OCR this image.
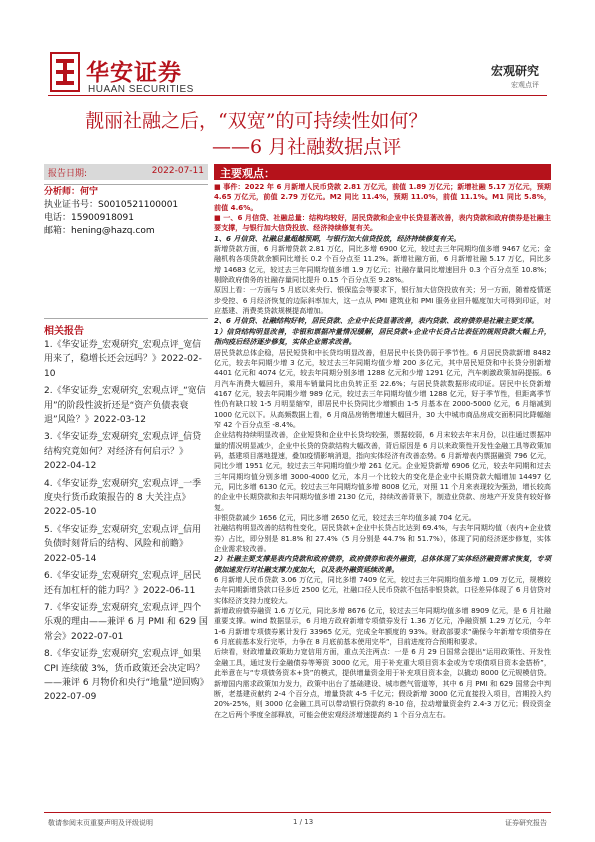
华安证券
HUAAN SECURITIES
宏观研究
宏观点评
靓丽社融之后，“双宽”的可持续性如何？
——6 月社融数据点评
报告日期:	2022-07-11
分析师：何宁
执业证书号：S0010521100001
电话：15900918091
邮箱：hening@hazq.com
相关报告
1.《华安证券_宏观研究_宏观点评_宽信用来了，稳增长还会远吗？》2022-02-10
2.《华安证券_宏观研究_宏观点评_“宽信用”的阶段性波折还是“资产负债表衰退”风险？》2022-03-12
3.《华安证券_宏观研究_宏观点评_信贷结构究竟如何？对经济有何启示？》2022-04-12
4.《华安证券_宏观研究_宏观点评_一季度央行货币政策报告的 8 大关注点》2022-05-10
5.《华安证券_宏观研究_宏观点评_信用负债时刻背后的结构、风险和前瞻》2022-05-14
6.《华安证券_宏观研究_宏观点评_居民还有加杠杆的能力吗？》2022-06-11
7.《华安证券_宏观研究_宏观点评_四个乐观的理由——兼评 6 月 PMI 和 629 国常会》2022-07-01
8.《华安证券_宏观研究_宏观点评_如果 CPI 连续破 3%，货币政策还会决定吗？——兼评 6 月物价和央行“地量”逆回购》2022-07-09
主要观点：

■ 事件：2022 年 6 月新增人民币贷款 2.81 万亿元，前值 1.89 万亿元；新增社融 5.17 万亿元，预期 4.65 万亿元，前值 2.79 万亿元。M2 同比 11.4%，预期 11.0%，前值 11.1%。M1 同比 5.8%，前值 4.6%。

■ 一、6 月信贷、社融总量：结构均较好，居民贷款和企业中长贷显著改善，表内贷款和政府债券是社融主要支撑，与银行加大信贷投放、经济持续修复有关。

1、6 月信贷、社融总量超越预期，与银行加大信贷投放，经济持续修复有关。

新增贷款方面，6 月新增贷款 2.81 万亿，同比多增 6900 亿元，较过去三年同期均值多增 9467 亿元；金融机构各项贷款余额同比增长 0.2 个百分点至 11.2%。新增社融方面，6 月新增社融 5.17 万亿，同比多增 14683 亿元，较过去三年同期均值多增 1.9 万亿元；社融存量同比增速回升 0.3 个百分点至 10.8%；剔除政府债务的社融存量同比提升 0.15 个百分点至 9.28%。

原因上看：一方面与 5 月底以来央行、银保监会等要求下，银行加大信贷投放有关；另一方面，随着疫情逐步受控、6 月经济恢复的边际斜率加大，这一点从 PMI 建筑业和 PMI 服务业回升幅度加大可得到印证，对应基建、消费类贷款规模提高增加。

2、6 月信贷、社融结构好转，居民贷款、企业中长贷显著改善，表内贷款、政府债券是社融主要支撑。

1）信贷结构明显改善，非银和票据冲量情况缓解，居民贷款+企业中长贷占比表征的规则贷款大幅上升，指向疫后经济逐步修复，实体企业需求改善。

居民贷款总体企稳，居民短贷和中长贷均明显改善，但居民中长贷仍弱于季节性。6 月居民贷款新增 8482 亿元，较去年同期少增 3 亿元，较过去三年同期均值少增 200 多亿元，其中居民短贷和中长贷分别新增 4401 亿元和 4074 亿元，较去年同期分别多增 1288 亿元和少增 1291 亿元，汽车刺激政策加码提振。6 月汽车消费大幅回升，乘用车销量同比由负转正至 22.6%；与居民贷款数据形成印证。居民中长贷新增 4167 亿元，较去年同期少增 989 亿元，较过去三年同期均值少增 1288 亿元，好于季节性，但距离季节性仍有缺口较 1-5 月明显缩窄，即居民中长贷同比少增额由 1-5 月基本在 2000-5000 亿元，6 月缩减到 1000 亿元以下。从高频数据上看，6 月商品房销售增速大幅回升，30 大中城市商品房成交面积同比降幅缩窄 42 个百分点至 -8.4%。

企业结构持续明显改善，企业短贷和企业中长贷均较强，票据较弱，6 月末较去年末月份，以往通过票据冲量的情况明显减少，企业中长贷的贷款结构大幅改善，背后原因是 6 月以来政策性开发性金融工具等政策加码，基建项目落地提速，叠加疫情影响消退，指向实体经济有改善态势。6 月新增表内票据融资 796 亿元，同比少增 1951 亿元，较过去三年同期均值少增 261 亿元。企业短贷新增 6906 亿元，较去年同期和过去三年同期均值分别多增 3000-4000 亿元，本月一个比较大的变化是企业中长期贷款大幅增加 14497 亿元，同比多增 6130 亿元，较过去三年同期均值多增 8008 亿元，对照 11 个月来表现较为强劲，增长较高的企业中长期贷款和去年同期均值多增 2130 亿元，持续改善背景下，制造业贷款、房地产开发贷有较好修复。

非银贷款减少 1656 亿元，同比多增 2650 亿元，较过去三年均值多减 704 亿元。

社融结构明显改善的结构性变化，居民贷款+企业中长贷占比达到 69.4%，与去年同期均值（表内+企业债券）占比，即分别是 81.8% 和 27.4%（5 月分别是 44.7% 和 51.7%），体现了同前经济逐步修复，实体企业需求较改善。

2）社融主要支撑是表内贷款和政府债券，政府债券和表外融资，总体体现了实体经济融资需求恢复，专项债加速发行对社融支撑力度加大，以及表外融资延续改善。

6 月新增人民币贷款 3.06 万亿元，同比多增 7409 亿元，较过去三年同期均值多增 1.09 万亿元，规模较去年同期新增贷款口径多近 2500 亿元，社融口径人民币贷款不包括非银贷款，口径差异体现了 6 月信贷对实体经济支持力度较大。

新增政府债券融资 1.6 万亿元，同比多增 8676 亿元，较过去三年同期均值多增 8909 亿元，是 6 月社融重要支撑。wind 数据显示，6 月地方政府新增专项债券发行 1.36 万亿元，净融资额 1.29 万亿元，今年 1-6 月新增专项债券累计发行 33965 亿元，完成全年额度的 93%。财政部要求“确保今年新增专项债券在 6 月底前基本发行完毕，力争在 8 月底前基本使用完毕”，目前进度符合预期和要求。

后续看，财政增量政策助力宽信用方面，重点关注两点：一是 6 月 29 日国常会提出“运用政策性、开发性金融工具，通过发行金融债券等筹资 3000 亿元，用于补充重大项目资本金或为专项债项目资本金搭桥”，此举意在与“专项债务资本+贷”的模式，提供增量资金用于补充项目资本金，以撬动 8000 亿元规模信贷。新增国内需求政策加力发力，政策中出台了基础建设、城市燃气管道等，其中 6 月 PMI 和 629 国常会中判断，老基建贡献约 2-4 个百分点，增量贷款 4-5 千亿元；假设新增 3000 亿元直接投入项目，首期投入约 20%-25%，则 3000 亿金融工具可以带动银行贷款约 8-10 倍，拉动增量资金约 2.4-3 万亿元；假设资金在之后两个季度全部释放，可能会使宏观经济增速提高约 1 个百分点左右。

敬请参阅末页重要声明及评级说明	1 / 13	证券研究报告
